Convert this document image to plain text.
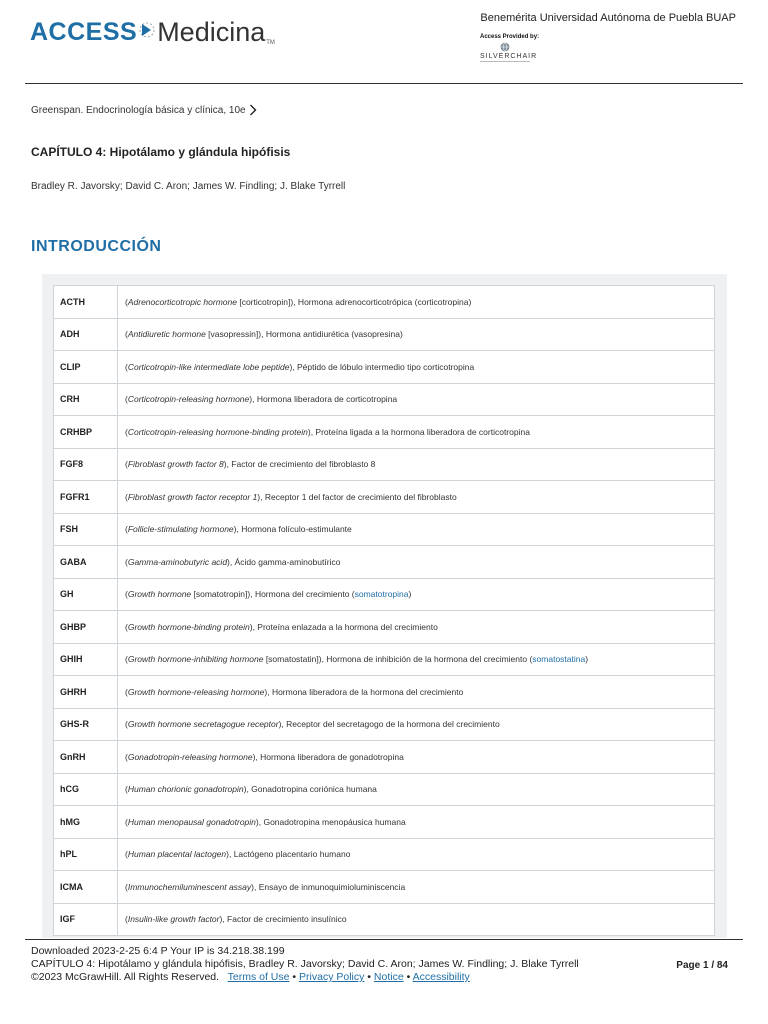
ACCESS Medicina TM
Benemérita Universidad Autónoma de Puebla BUAP
Access Provided by:
SILVERCHAIR
Greenspan. Endocrinología básica y clínica, 10e
CAPÍTULO 4: Hipotálamo y glándula hipófisis
Bradley R. Javorsky; David C. Aron; James W. Findling; J. Blake Tyrrell
INTRODUCCIÓN
ACTH	(Adrenocorticotropic hormone [corticotropin]), Hormona adrenocorticotrópica (corticotropina)
ADH	(Antidiuretic hormone [vasopressin]), Hormona antidiurética (vasopresina)
CLIP	(Corticotropin-like intermediate lobe peptide), Péptido de lóbulo intermedio tipo corticotropina
CRH	(Corticotropin-releasing hormone), Hormona liberadora de corticotropina
CRHBP	(Corticotropin-releasing hormone-binding protein), Proteína ligada a la hormona liberadora de corticotropina
FGF8	(Fibroblast growth factor 8), Factor de crecimiento del fibroblasto 8
FGFR1	(Fibroblast growth factor receptor 1), Receptor 1 del factor de crecimiento del fibroblasto
FSH	(Follicle-stimulating hormone), Hormona folículo-estimulante
GABA	(Gamma-aminobutyric acid), Ácido gamma-aminobutírico
GH	(Growth hormone [somatotropin]), Hormona del crecimiento (somatotropina)
GHBP	(Growth hormone-binding protein), Proteína enlazada a la hormona del crecimiento
GHIH	(Growth hormone-inhibiting hormone [somatostatin]), Hormona de inhibición de la hormona del crecimiento (somatostatina)
GHRH	(Growth hormone-releasing hormone), Hormona liberadora de la hormona del crecimiento
GHS-R	(Growth hormone secretagogue receptor), Receptor del secretagogo de la hormona del crecimiento
GnRH	(Gonadotropin-releasing hormone), Hormona liberadora de gonadotropina
hCG	(Human chorionic gonadotropin), Gonadotropina coriónica humana
hMG	(Human menopausal gonadotropin), Gonadotropina menopáusica humana
hPL	(Human placental lactogen), Lactógeno placentario humano
ICMA	(Immunochemiluminescent assay), Ensayo de inmunoquimioluminiscencia
IGF	(Insulin-like growth factor), Factor de crecimiento insulínico
Downloaded 2023-2-25 6:4 P Your IP is 34.218.38.199
CAPÍTULO 4: Hipotálamo y glándula hipófisis, Bradley R. Javorsky; David C. Aron; James W. Findling; J. Blake Tyrrell
©2023 McGrawHill. All Rights Reserved. Terms of Use • Privacy Policy • Notice • Accessibility
Page 1 / 84
